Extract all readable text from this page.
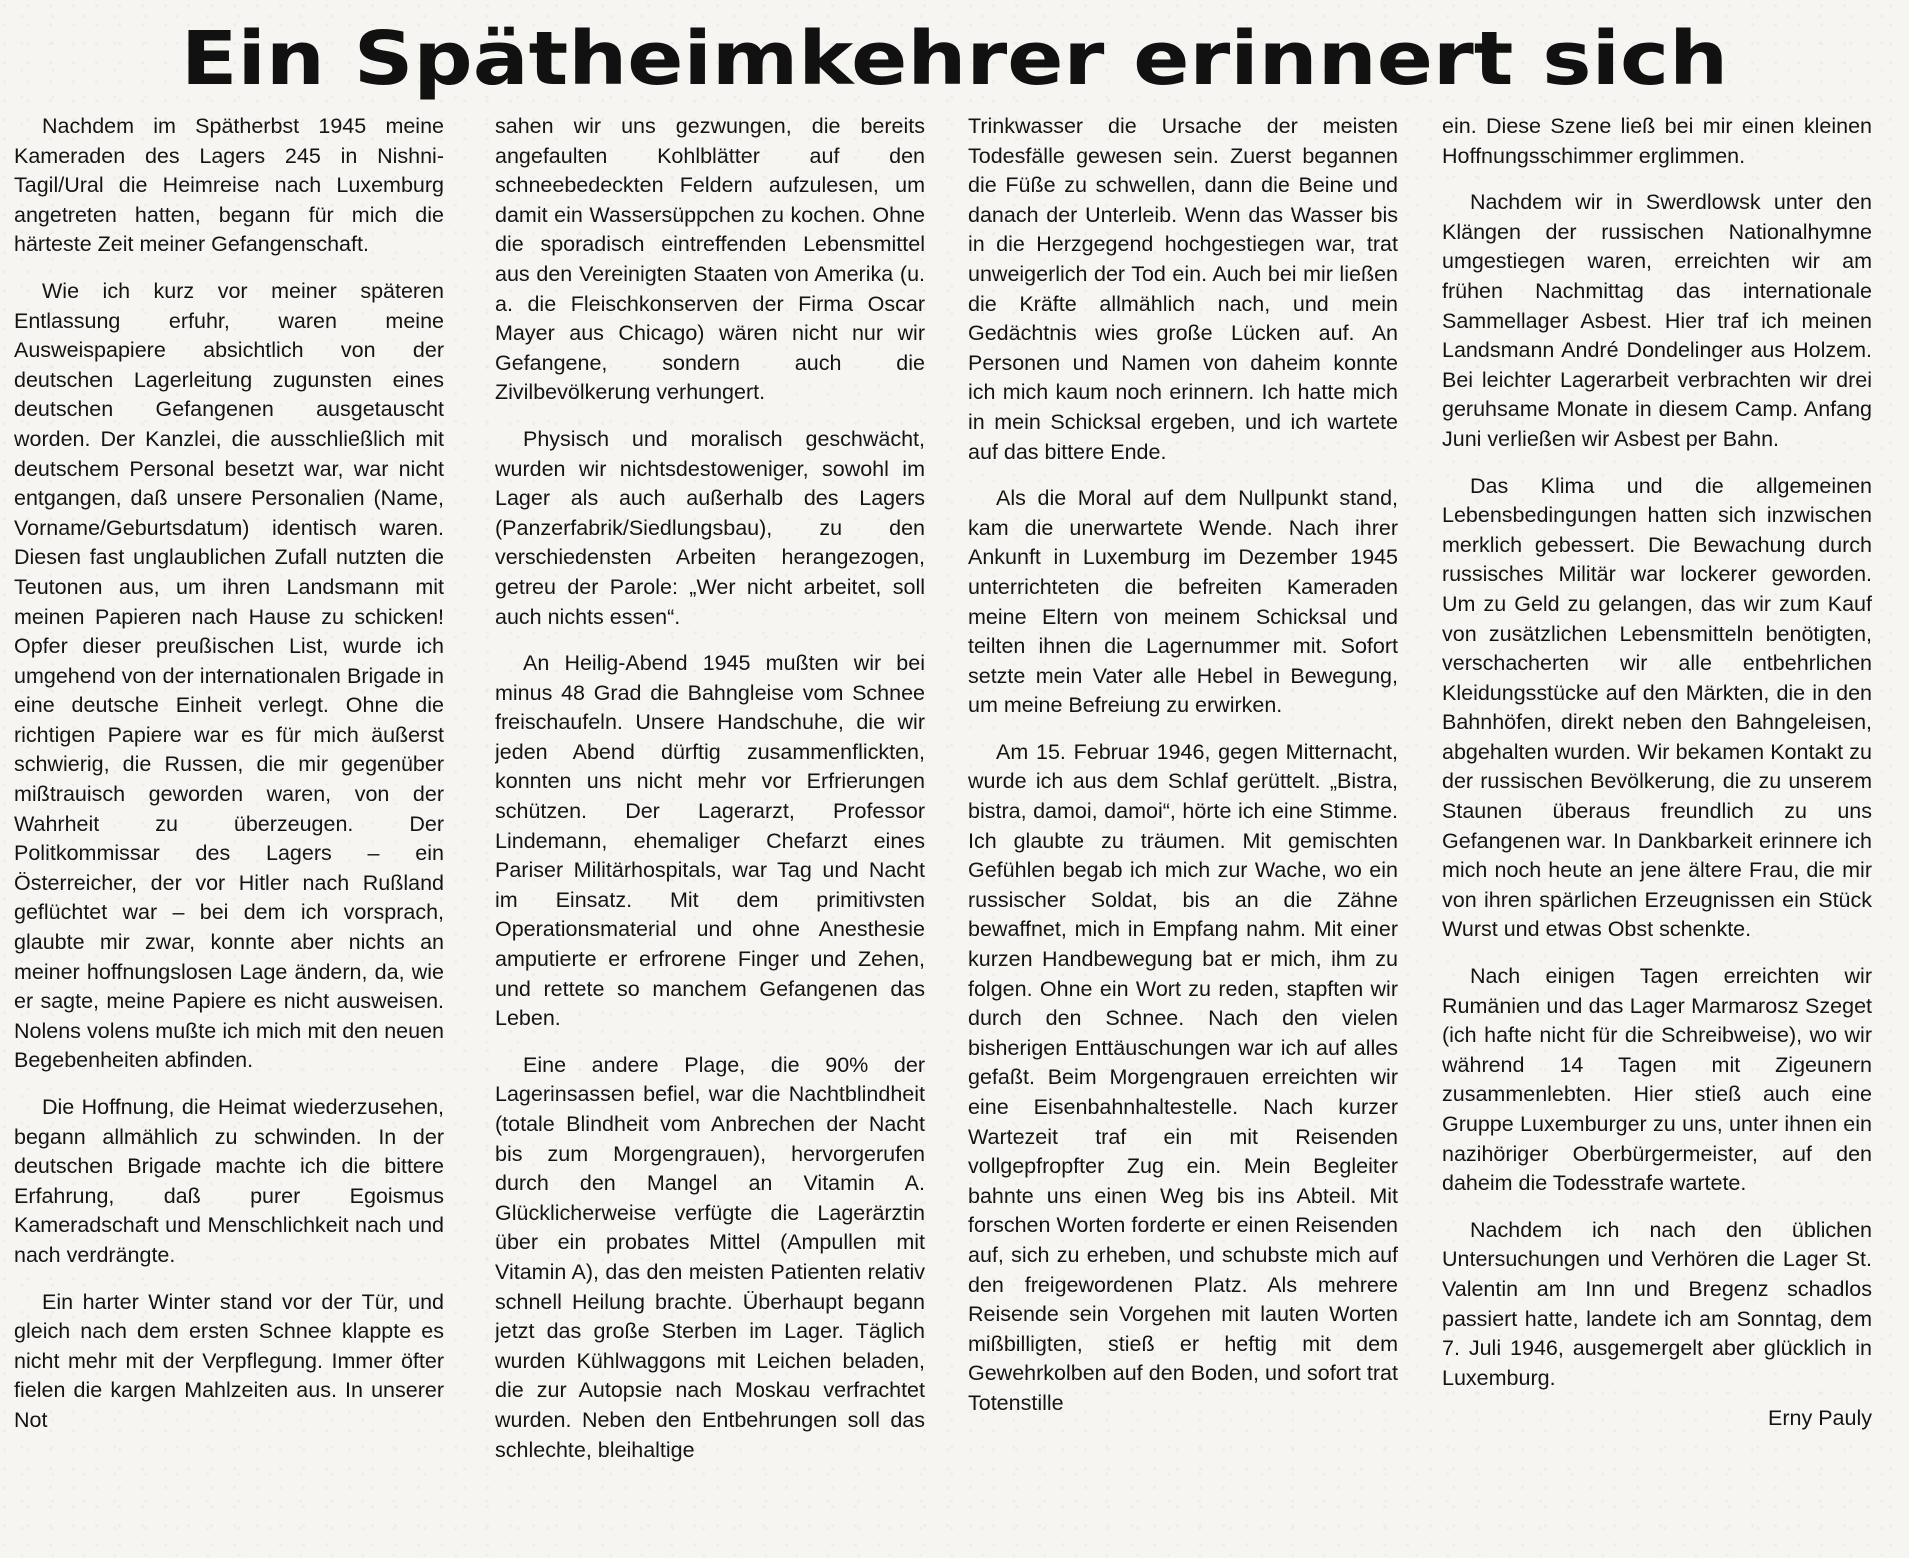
Ein Spätheimkehrer erinnert sich

Nachdem im Spätherbst 1945 meine Kameraden des Lagers 245 in Nishni-Tagil/Ural die Heimreise nach Luxemburg angetreten hatten, begann für mich die härteste Zeit meiner Gefangenschaft.

Wie ich kurz vor meiner späteren Entlassung erfuhr, waren meine Ausweispapiere absichtlich von der deutschen Lagerleitung zugunsten eines deutschen Gefangenen ausgetauscht worden. Der Kanzlei, die ausschließlich mit deutschem Personal besetzt war, war nicht entgangen, daß unsere Personalien (Name, Vorname/Geburtsdatum) identisch waren. Diesen fast unglaublichen Zufall nutzten die Teutonen aus, um ihren Landsmann mit meinen Papieren nach Hause zu schicken! Opfer dieser preußischen List, wurde ich umgehend von der internationalen Brigade in eine deutsche Einheit verlegt. Ohne die richtigen Papiere war es für mich äußerst schwierig, die Russen, die mir gegenüber mißtrauisch geworden waren, von der Wahrheit zu überzeugen. Der Politkommissar des Lagers – ein Österreicher, der vor Hitler nach Rußland geflüchtet war – bei dem ich vorsprach, glaubte mir zwar, konnte aber nichts an meiner hoffnungslosen Lage ändern, da, wie er sagte, meine Papiere es nicht ausweisen. Nolens volens mußte ich mich mit den neuen Begebenheiten abfinden.

Die Hoffnung, die Heimat wiederzusehen, begann allmählich zu schwinden. In der deutschen Brigade machte ich die bittere Erfahrung, daß purer Egoismus Kameradschaft und Menschlichkeit nach und nach verdrängte.

Ein harter Winter stand vor der Tür, und gleich nach dem ersten Schnee klappte es nicht mehr mit der Verpflegung. Immer öfter fielen die kargen Mahlzeiten aus. In unserer Not

sahen wir uns gezwungen, die bereits angefaulten Kohlblätter auf den schneebedeckten Feldern aufzulesen, um damit ein Wassersüppchen zu kochen. Ohne die sporadisch eintreffenden Lebensmittel aus den Vereinigten Staaten von Amerika (u. a. die Fleischkonserven der Firma Oscar Mayer aus Chicago) wären nicht nur wir Gefangene, sondern auch die Zivilbevölkerung verhungert.

Physisch und moralisch geschwächt, wurden wir nichtsdestoweniger, sowohl im Lager als auch außerhalb des Lagers (Panzerfabrik/Siedlungsbau), zu den verschiedensten Arbeiten herangezogen, getreu der Parole: „Wer nicht arbeitet, soll auch nichts essen“.

An Heilig-Abend 1945 mußten wir bei minus 48 Grad die Bahngleise vom Schnee freischaufeln. Unsere Handschuhe, die wir jeden Abend dürftig zusammenflickten, konnten uns nicht mehr vor Erfrierungen schützen. Der Lagerarzt, Professor Lindemann, ehemaliger Chefarzt eines Pariser Militärhospitals, war Tag und Nacht im Einsatz. Mit dem primitivsten Operationsmaterial und ohne Anesthesie amputierte er erfrorene Finger und Zehen, und rettete so manchem Gefangenen das Leben.

Eine andere Plage, die 90% der Lagerinsassen befiel, war die Nachtblindheit (totale Blindheit vom Anbrechen der Nacht bis zum Morgengrauen), hervorgerufen durch den Mangel an Vitamin A. Glücklicherweise verfügte die Lagerärztin über ein probates Mittel (Ampullen mit Vitamin A), das den meisten Patienten relativ schnell Heilung brachte. Überhaupt begann jetzt das große Sterben im Lager. Täglich wurden Kühlwaggons mit Leichen beladen, die zur Autopsie nach Moskau verfrachtet wurden. Neben den Entbehrungen soll das schlechte, bleihaltige

Trinkwasser die Ursache der meisten Todesfälle gewesen sein. Zuerst begannen die Füße zu schwellen, dann die Beine und danach der Unterleib. Wenn das Wasser bis in die Herzgegend hochgestiegen war, trat unweigerlich der Tod ein. Auch bei mir ließen die Kräfte allmählich nach, und mein Gedächtnis wies große Lücken auf. An Personen und Namen von daheim konnte ich mich kaum noch erinnern. Ich hatte mich in mein Schicksal ergeben, und ich wartete auf das bittere Ende.

Als die Moral auf dem Nullpunkt stand, kam die unerwartete Wende. Nach ihrer Ankunft in Luxemburg im Dezember 1945 unterrichteten die befreiten Kameraden meine Eltern von meinem Schicksal und teilten ihnen die Lagernummer mit. Sofort setzte mein Vater alle Hebel in Bewegung, um meine Befreiung zu erwirken.

Am 15. Februar 1946, gegen Mitternacht, wurde ich aus dem Schlaf gerüttelt. „Bistra, bistra, damoi, damoi“, hörte ich eine Stimme. Ich glaubte zu träumen. Mit gemischten Gefühlen begab ich mich zur Wache, wo ein russischer Soldat, bis an die Zähne bewaffnet, mich in Empfang nahm. Mit einer kurzen Handbewegung bat er mich, ihm zu folgen. Ohne ein Wort zu reden, stapften wir durch den Schnee. Nach den vielen bisherigen Enttäuschungen war ich auf alles gefaßt. Beim Morgengrauen erreichten wir eine Eisenbahnhaltestelle. Nach kurzer Wartezeit traf ein mit Reisenden vollgepfropfter Zug ein. Mein Begleiter bahnte uns einen Weg bis ins Abteil. Mit forschen Worten forderte er einen Reisenden auf, sich zu erheben, und schubste mich auf den freigewordenen Platz. Als mehrere Reisende sein Vorgehen mit lauten Worten mißbilligten, stieß er heftig mit dem Gewehrkolben auf den Boden, und sofort trat Totenstille

ein. Diese Szene ließ bei mir einen kleinen Hoffnungsschimmer erglimmen.

Nachdem wir in Swerdlowsk unter den Klängen der russischen Nationalhymne umgestiegen waren, erreichten wir am frühen Nachmittag das internationale Sammellager Asbest. Hier traf ich meinen Landsmann André Dondelinger aus Holzem. Bei leichter Lagerarbeit verbrachten wir drei geruhsame Monate in diesem Camp. Anfang Juni verließen wir Asbest per Bahn.

Das Klima und die allgemeinen Lebensbedingungen hatten sich inzwischen merklich gebessert. Die Bewachung durch russisches Militär war lockerer geworden. Um zu Geld zu gelangen, das wir zum Kauf von zusätzlichen Lebensmitteln benötigten, verschacherten wir alle entbehrlichen Kleidungsstücke auf den Märkten, die in den Bahnhöfen, direkt neben den Bahngeleisen, abgehalten wurden. Wir bekamen Kontakt zu der russischen Bevölkerung, die zu unserem Staunen überaus freundlich zu uns Gefangenen war. In Dankbarkeit erinnere ich mich noch heute an jene ältere Frau, die mir von ihren spärlichen Erzeugnissen ein Stück Wurst und etwas Obst schenkte.

Nach einigen Tagen erreichten wir Rumänien und das Lager Marmarosz Szeget (ich hafte nicht für die Schreibweise), wo wir während 14 Tagen mit Zigeunern zusammenlebten. Hier stieß auch eine Gruppe Luxemburger zu uns, unter ihnen ein nazihöriger Oberbürgermeister, auf den daheim die Todesstrafe wartete.

Nachdem ich nach den üblichen Untersuchungen und Verhören die Lager St. Valentin am Inn und Bregenz schadlos passiert hatte, landete ich am Sonntag, dem 7. Juli 1946, ausgemergelt aber glücklich in Luxemburg.

Erny Pauly
